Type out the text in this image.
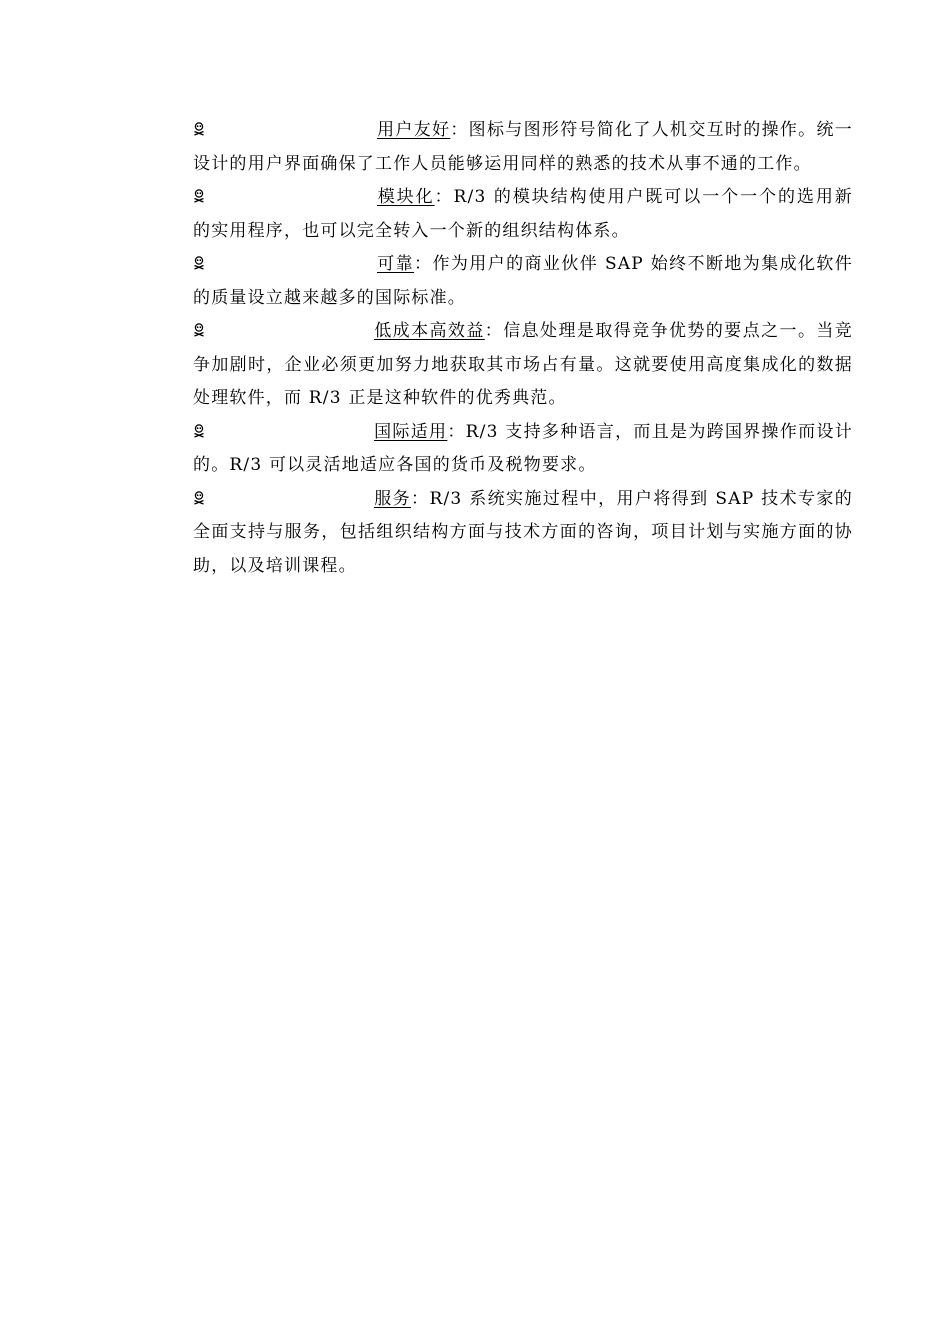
用户友好：图标与图形符号简化了人机交互时的操作。统一设计的用户界面确保了工作人员能够运用同样的熟悉的技术从事不通的工作。
模块化：R/3 的模块结构使用户既可以一个一个的选用新的实用程序，也可以完全转入一个新的组织结构体系。
可靠：作为用户的商业伙伴 SAP 始终不断地为集成化软件的质量设立越来越多的国际标准。
低成本高效益：信息处理是取得竞争优势的要点之一。当竞争加剧时，企业必须更加努力地获取其市场占有量。这就要使用高度集成化的数据处理软件，而 R/3 正是这种软件的优秀典范。
国际适用：R/3 支持多种语言，而且是为跨国界操作而设计的。R/3 可以灵活地适应各国的货币及税物要求。
服务：R/3 系统实施过程中，用户将得到 SAP 技术专家的全面支持与服务，包括组织结构方面与技术方面的咨询，项目计划与实施方面的协助，以及培训课程。
